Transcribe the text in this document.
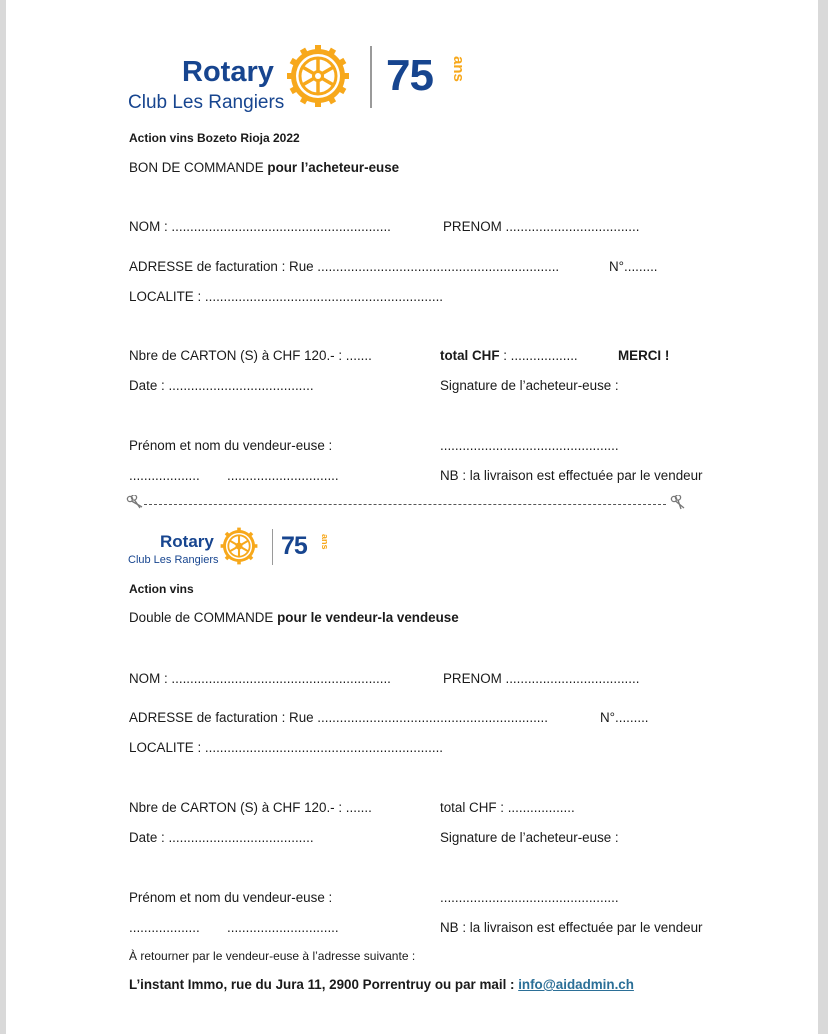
Rotary
Club Les Rangiers
75 ans
Action vins Bozeto Rioja 2022
BON DE COMMANDE pour l’acheteur-euse
NOM : ...........................................................	PRENOM ....................................
ADRESSE de facturation : Rue .................................................................	N°.........
LOCALITE : ................................................................
Nbre de CARTON (S) à CHF 120.- : .......	total CHF : ..................	MERCI !
Date : .......................................	Signature de l’acheteur-euse :
Prénom et nom du vendeur-euse :	................................................
................... ..............................	NB : la livraison est effectuée par le vendeur
Rotary
Club Les Rangiers	75 ans
Action vins
Double de COMMANDE pour le vendeur-la vendeuse
NOM : ...........................................................	PRENOM ....................................
ADRESSE de facturation : Rue ..............................................................	N°.........
LOCALITE : ................................................................
Nbre de CARTON (S) à CHF 120.- : .......	total CHF : ..................
Date : .......................................	Signature de l’acheteur-euse :
Prénom et nom du vendeur-euse :	................................................
................... ..............................	NB : la livraison est effectuée par le vendeur
À retourner par le vendeur-euse à l’adresse suivante :
L’instant Immo, rue du Jura 11, 2900 Porrentruy ou par mail : info@aidadmin.ch
